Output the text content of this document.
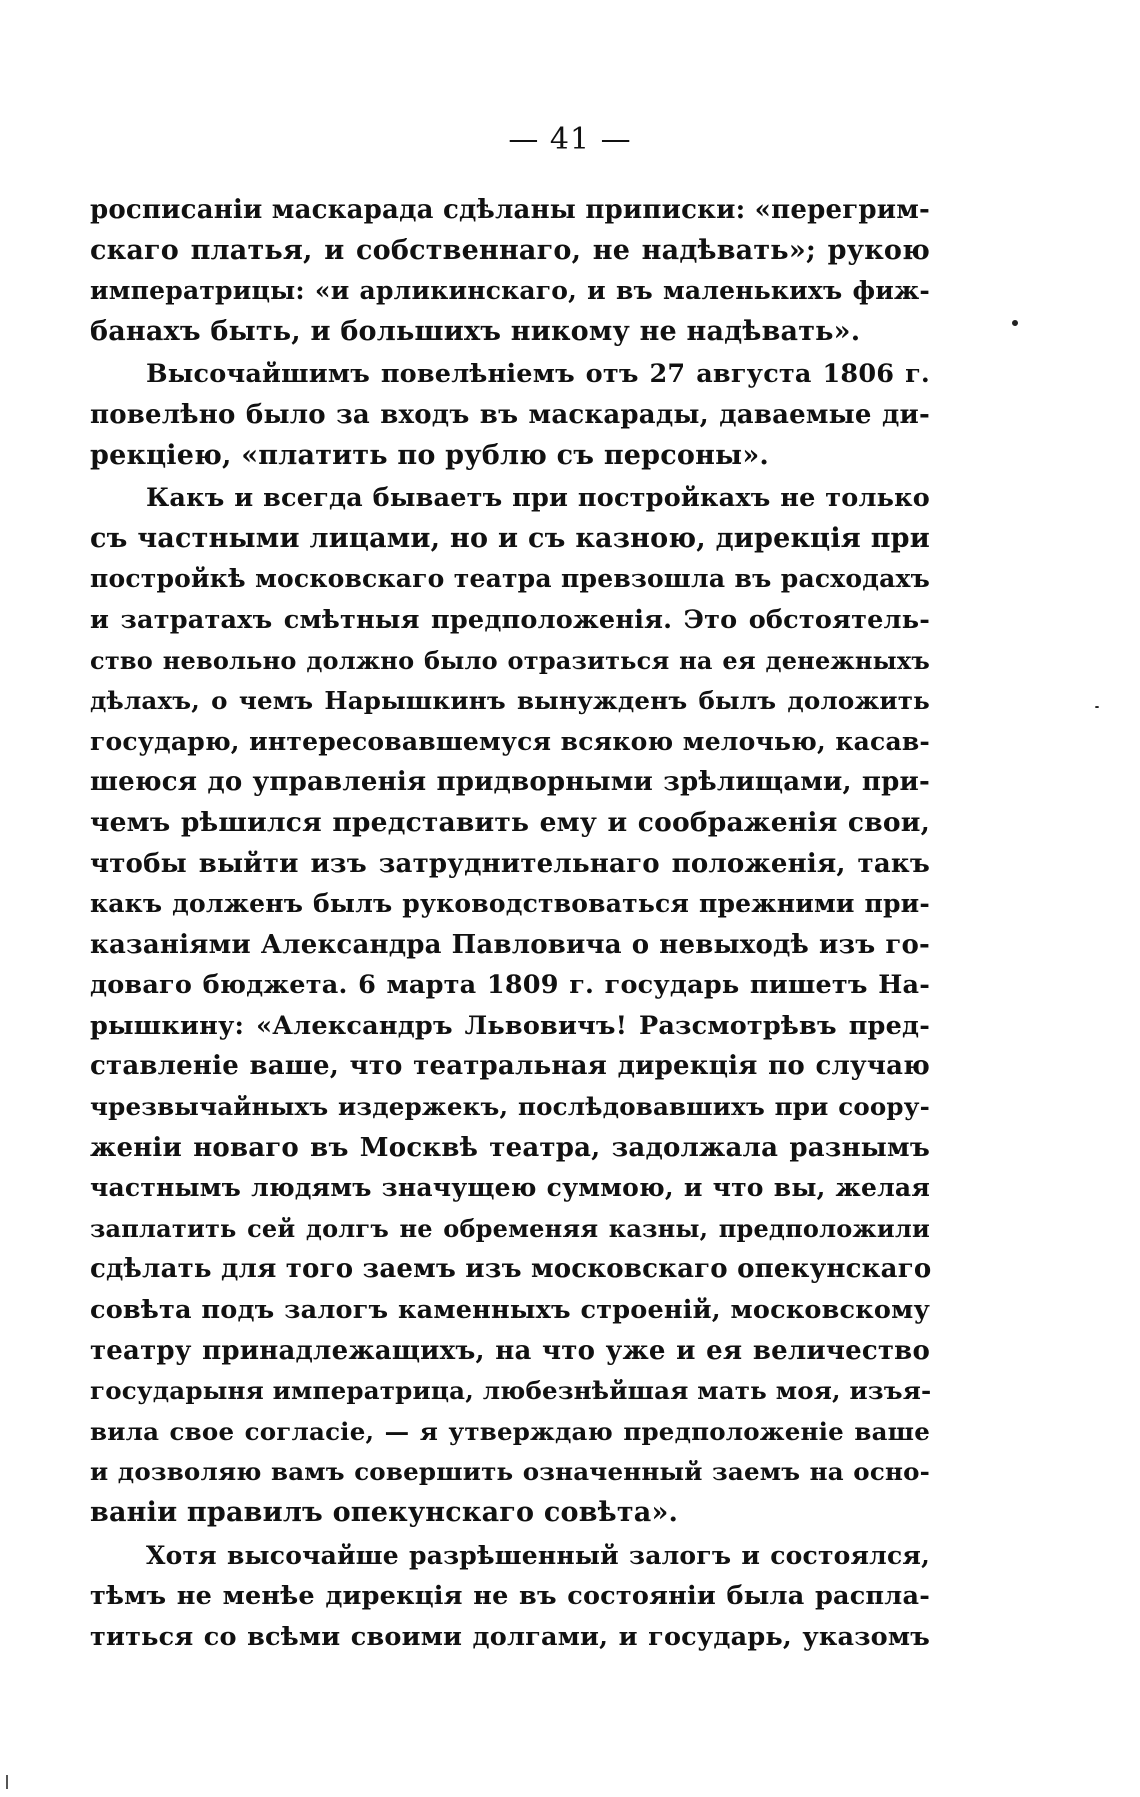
— 41 —
росписаніи маскарада сдѣланы приписки: «перегрим-
скаго платья, и собственнаго, не надѣвать»; рукою
императрицы: «и арликинскаго, и въ маленькихъ фиж-
банахъ быть, и большихъ никому не надѣвать».
Высочайшимъ повелѣніемъ отъ 27 августа 1806 г.
повелѣно было за входъ въ маскарады, даваемые ди-
рекціею, «платить по рублю съ персоны».
Какъ и всегда бываетъ при постройкахъ не только
съ частными лицами, но и съ казною, дирекція при
постройкѣ московскаго театра превзошла въ расходахъ
и затратахъ смѣтныя предположенія. Это обстоятель-
ство невольно должно было отразиться на ея денежныхъ
дѣлахъ, о чемъ Нарышкинъ вынужденъ былъ доложить
государю, интересовавшемуся всякою мелочью, касав-
шеюся до управленія придворными зрѣлищами, при-
чемъ рѣшился представить ему и соображенія свои,
чтобы выйти изъ затруднительнаго положенія, такъ
какъ долженъ былъ руководствоваться прежними при-
казаніями Александра Павловича о невыходѣ изъ го-
доваго бюджета. 6 марта 1809 г. государь пишетъ На-
рышкину: «Александръ Львовичъ! Разсмотрѣвъ пред-
ставленіе ваше, что театральная дирекція по случаю
чрезвычайныхъ издержекъ, послѣдовавшихъ при соору-
женіи новаго въ Москвѣ театра, задолжала разнымъ
частнымъ людямъ значущею суммою, и что вы, желая
заплатить сей долгъ не обременяя казны, предположили
сдѣлать для того заемъ изъ московскаго опекунскаго
совѣта подъ залогъ каменныхъ строеній, московскому
театру принадлежащихъ, на что уже и ея величество
государыня императрица, любезнѣйшая мать моя, изъя-
вила свое согласіе, — я утверждаю предположеніе ваше
и дозволяю вамъ совершить означенный заемъ на осно-
ваніи правилъ опекунскаго совѣта».
Хотя высочайше разрѣшенный залогъ и состоялся,
тѣмъ не менѣе дирекція не въ состояніи была распла-
титься со всѣми своими долгами, и государь, указомъ
